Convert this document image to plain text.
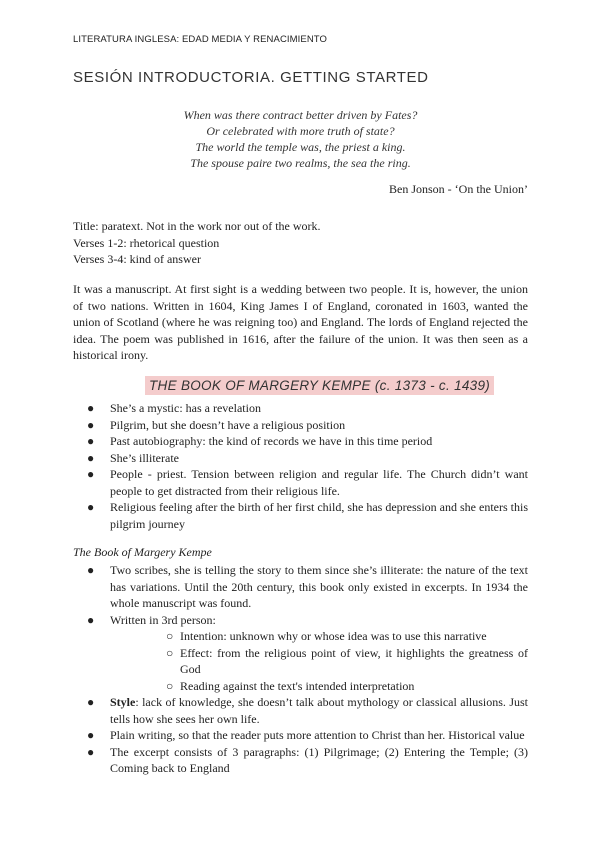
LITERATURA INGLESA: EDAD MEDIA Y RENACIMIENTO
SESIÓN INTRODUCTORIA. GETTING STARTED
When was there contract better driven by Fates?
Or celebrated with more truth of state?
The world the temple was, the priest a king.
The spouse paire two realms, the sea the ring.
Ben Jonson - ‘On the Union’
Title: paratext. Not in the work nor out of the work.
Verses 1-2: rhetorical question
Verses 3-4: kind of answer

It was a manuscript. At first sight is a wedding between two people. It is, however, the union of two nations. Written in 1604, King James I of England, coronated in 1603, wanted the union of Scotland (where he was reigning too) and England. The lords of England rejected the idea. The poem was published in 1616, after the failure of the union. It was then seen as a historical irony.

THE BOOK OF MARGERY KEMPE (c. 1373 - c. 1439)
● She’s a mystic: has a revelation
● Pilgrim, but she doesn’t have a religious position
● Past autobiography: the kind of records we have in this time period
● She’s illiterate
● People - priest. Tension between religion and regular life. The Church didn’t want people to get distracted from their religious life.
● Religious feeling after the birth of her first child, she has depression and she enters this pilgrim journey
The Book of Margery Kempe
● Two scribes, she is telling the story to them since she’s illiterate: the nature of the text has variations. Until the 20th century, this book only existed in excerpts. In 1934 the whole manuscript was found.
● Written in 3rd person:
○ Intention: unknown why or whose idea was to use this narrative
○ Effect: from the religious point of view, it highlights the greatness of God
○ Reading against the text's intended interpretation
● Style: lack of knowledge, she doesn’t talk about mythology or classical allusions. Just tells how she sees her own life.
● Plain writing, so that the reader puts more attention to Christ than her. Historical value
● The excerpt consists of 3 paragraphs: (1) Pilgrimage; (2) Entering the Temple; (3) Coming back to England
